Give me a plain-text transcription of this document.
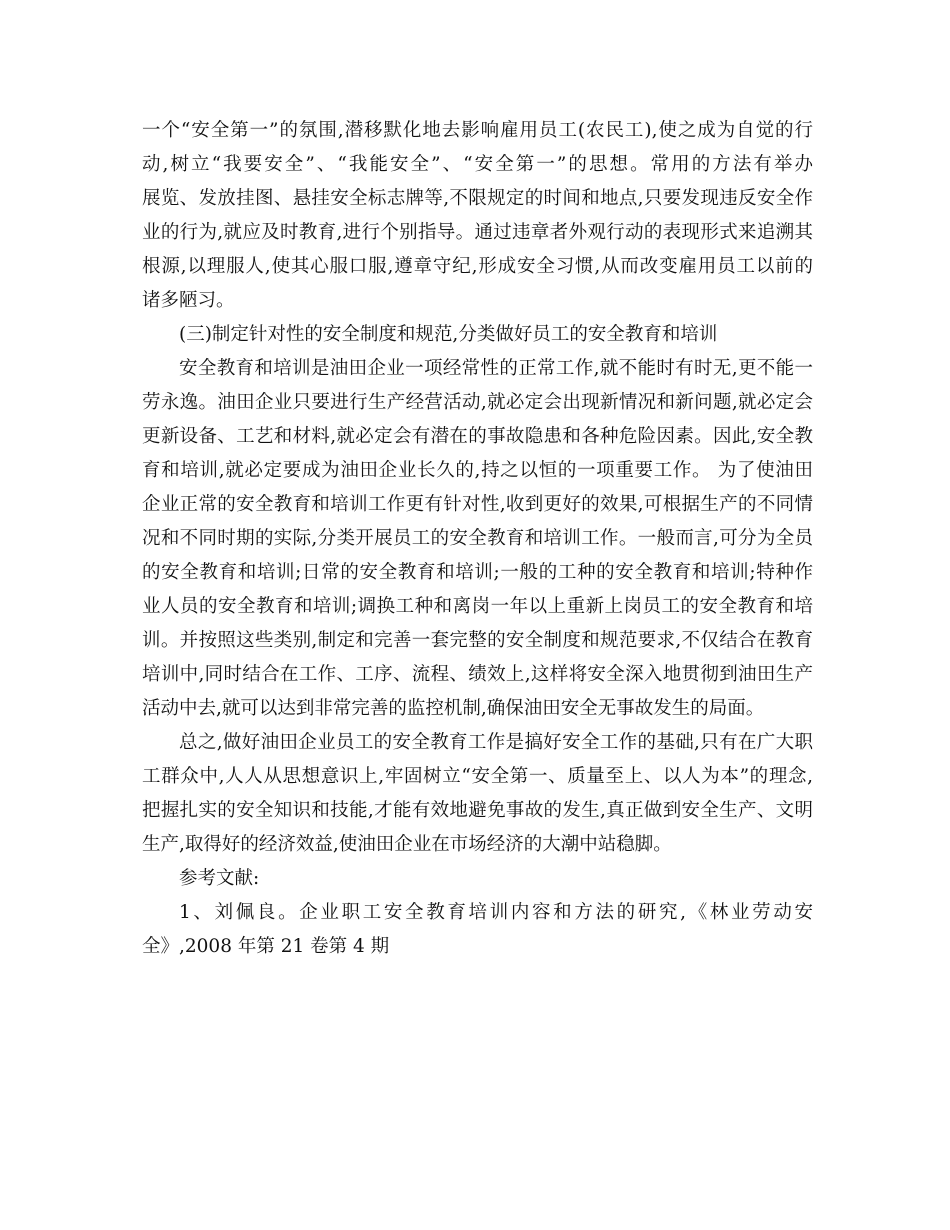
一个“安全第一”的氛围,潜移默化地去影响雇用员工(农民工),使之成为自觉的行
动,树立“我要安全”、“我能安全”、“安全第一”的思想。常用的方法有举办
展览、发放挂图、悬挂安全标志牌等,不限规定的时间和地点,只要发现违反安全作
业的行为,就应及时教育,进行个别指导。通过违章者外观行动的表现形式来追溯其
根源,以理服人,使其心服口服,遵章守纪,形成安全习惯,从而改变雇用员工以前的
诸多陋习。
(三)制定针对性的安全制度和规范,分类做好员工的安全教育和培训
安全教育和培训是油田企业一项经常性的正常工作,就不能时有时无,更不能一
劳永逸。油田企业只要进行生产经营活动,就必定会出现新情况和新问题,就必定会
更新设备、工艺和材料,就必定会有潜在的事故隐患和各种危险因素。因此,安全教
育和培训,就必定要成为油田企业长久的,持之以恒的一项重要工作。 为了使油田
企业正常的安全教育和培训工作更有针对性,收到更好的效果,可根据生产的不同情
况和不同时期的实际,分类开展员工的安全教育和培训工作。一般而言,可分为全员
的安全教育和培训;日常的安全教育和培训;一般的工种的安全教育和培训;特种作
业人员的安全教育和培训;调换工种和离岗一年以上重新上岗员工的安全教育和培
训。并按照这些类别,制定和完善一套完整的安全制度和规范要求,不仅结合在教育
培训中,同时结合在工作、工序、流程、绩效上,这样将安全深入地贯彻到油田生产
活动中去,就可以达到非常完善的监控机制,确保油田安全无事故发生的局面。
总之,做好油田企业员工的安全教育工作是搞好安全工作的基础,只有在广大职
工群众中,人人从思想意识上,牢固树立“安全第一、质量至上、以人为本”的理念,
把握扎实的安全知识和技能,才能有效地避免事故的发生,真正做到安全生产、文明
生产,取得好的经济效益,使油田企业在市场经济的大潮中站稳脚。
参考文献:
1、刘佩良。企业职工安全教育培训内容和方法的研究,《林业劳动安
全》,2008 年第 21 卷第 4 期
